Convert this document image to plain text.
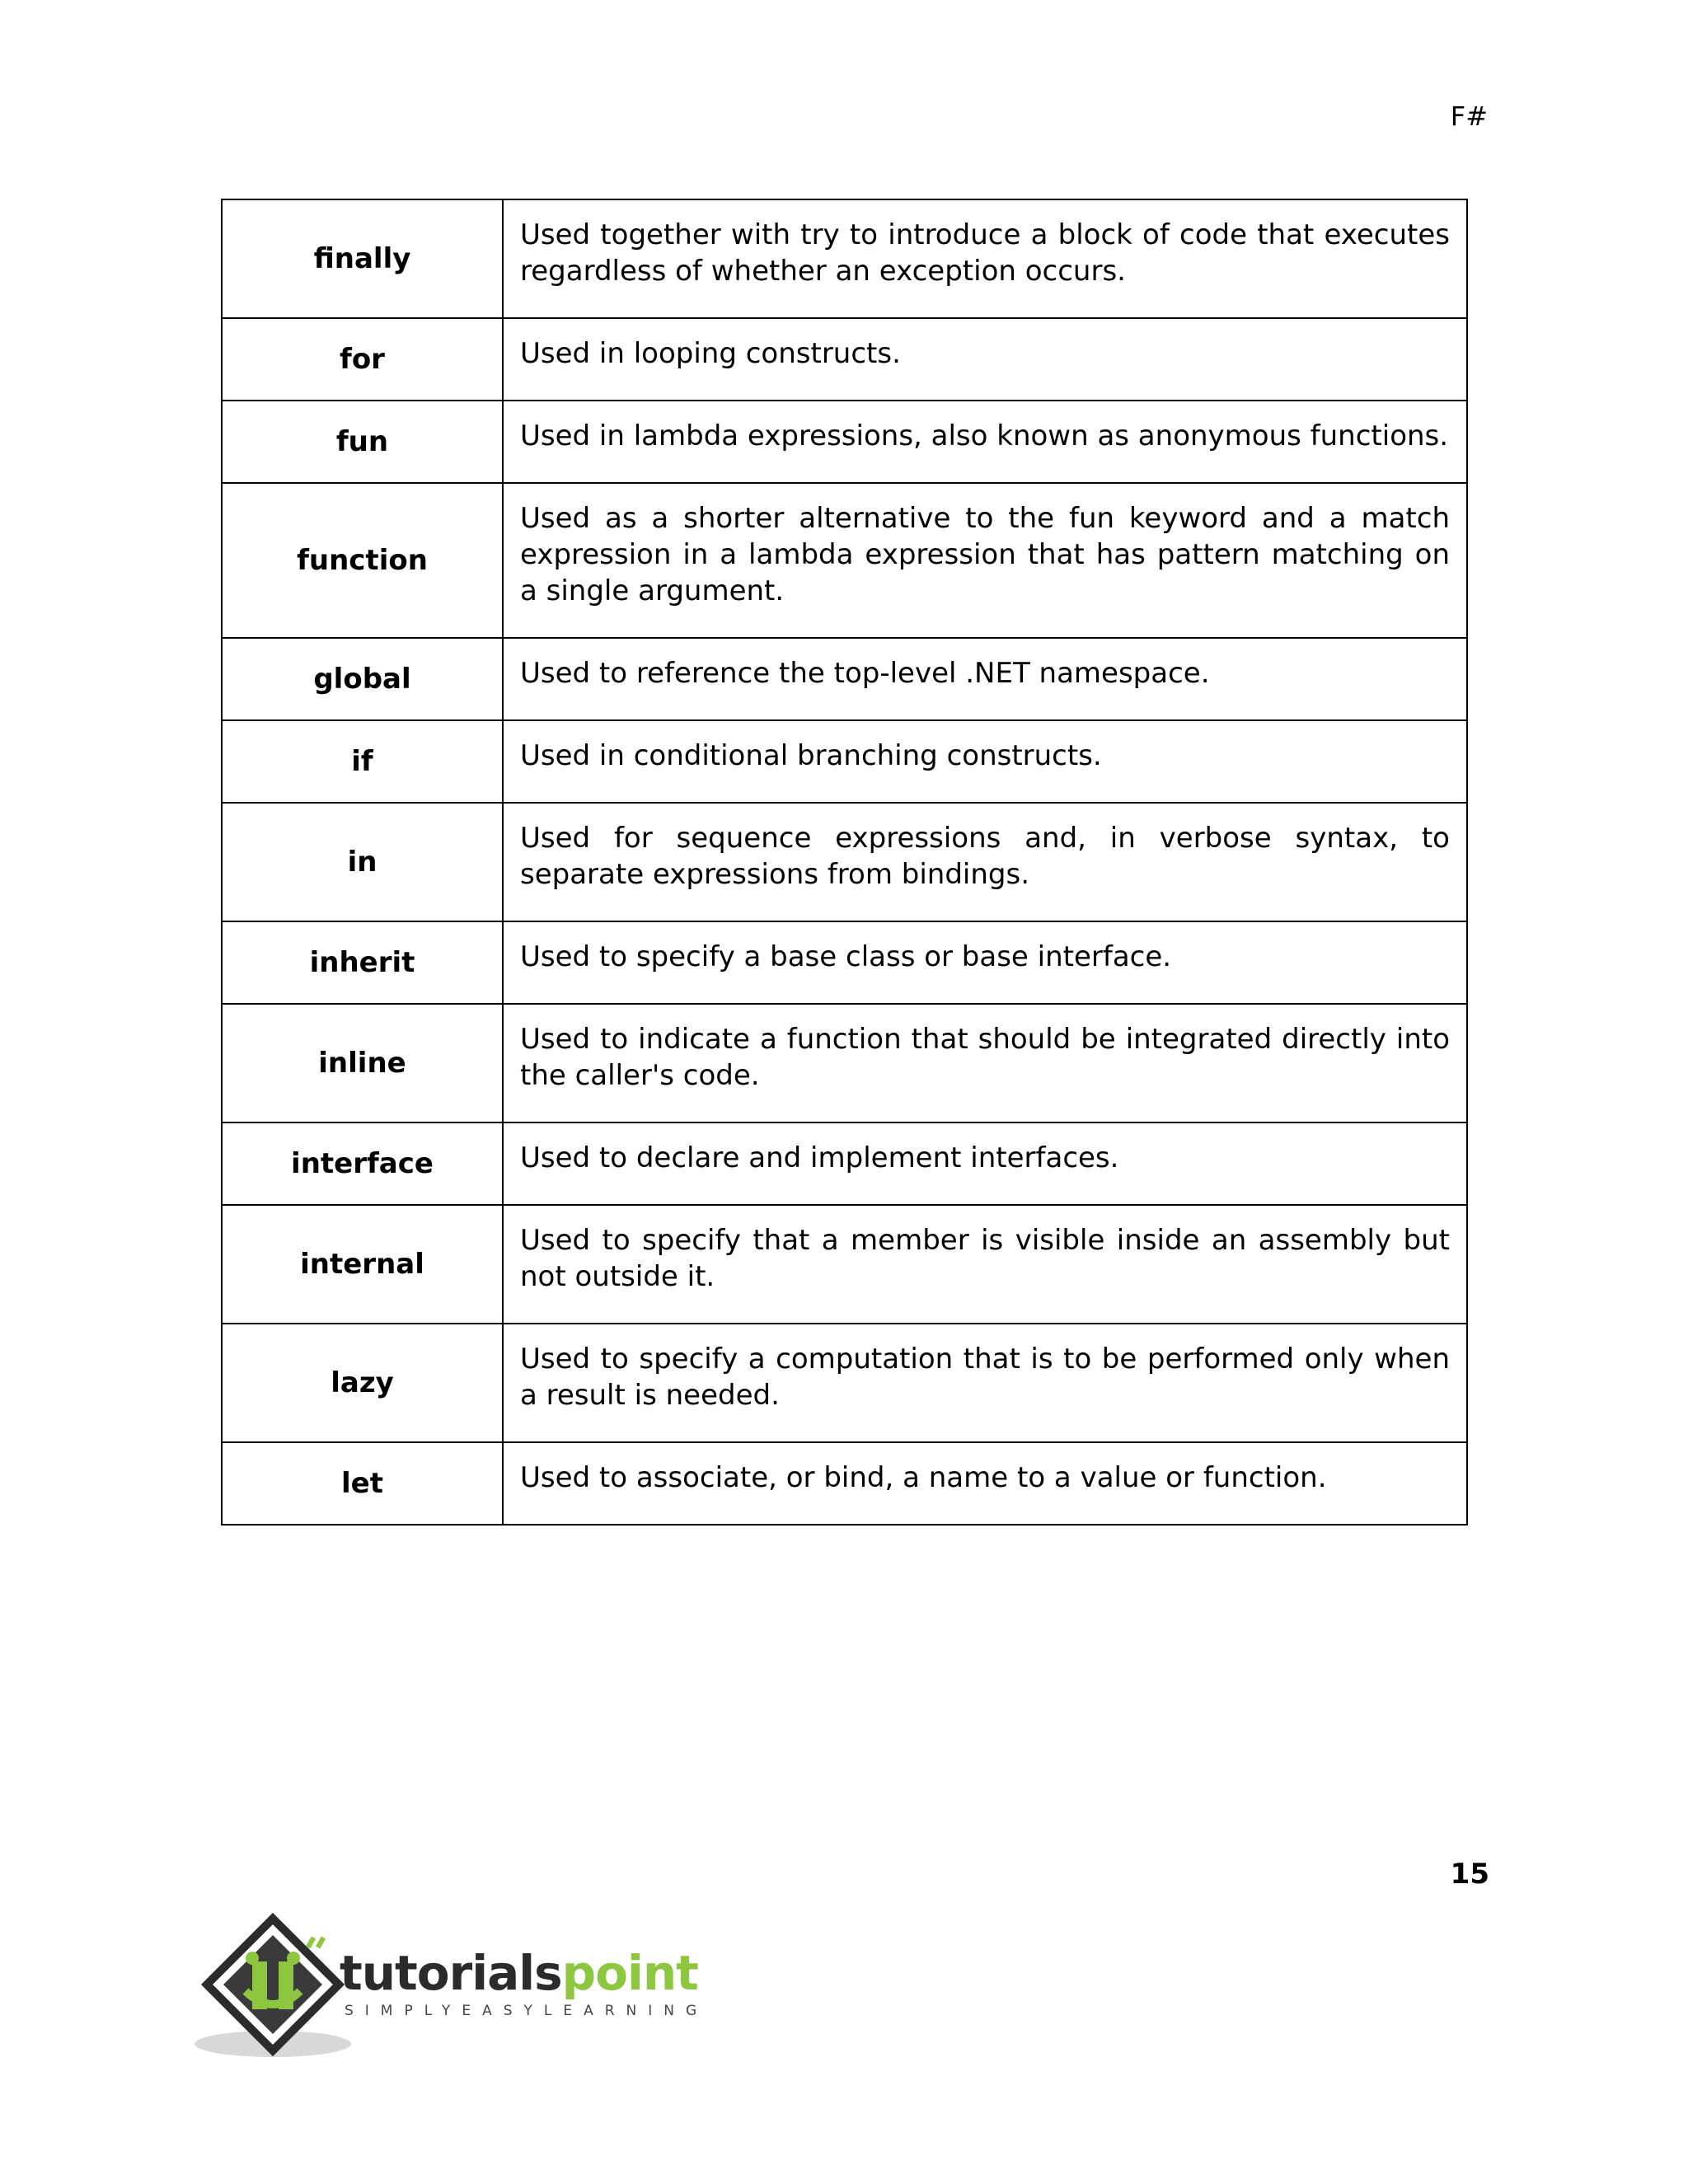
F#
finally	Used together with try to introduce a block of code that executes regardless of whether an exception occurs.
for	Used in looping constructs.
fun	Used in lambda expressions, also known as anonymous functions.
function	Used as a shorter alternative to the fun keyword and a match expression in a lambda expression that has pattern matching on a single argument.
global	Used to reference the top-level .NET namespace.
if	Used in conditional branching constructs.
in	Used for sequence expressions and, in verbose syntax, to separate expressions from bindings.
inherit	Used to specify a base class or base interface.
inline	Used to indicate a function that should be integrated directly into the caller's code.
interface	Used to declare and implement interfaces.
internal	Used to specify that a member is visible inside an assembly but not outside it.
lazy	Used to specify a computation that is to be performed only when a result is needed.
let	Used to associate, or bind, a name to a value or function.
15
tutorialspoint
SIMPLYEASYLEARNING
